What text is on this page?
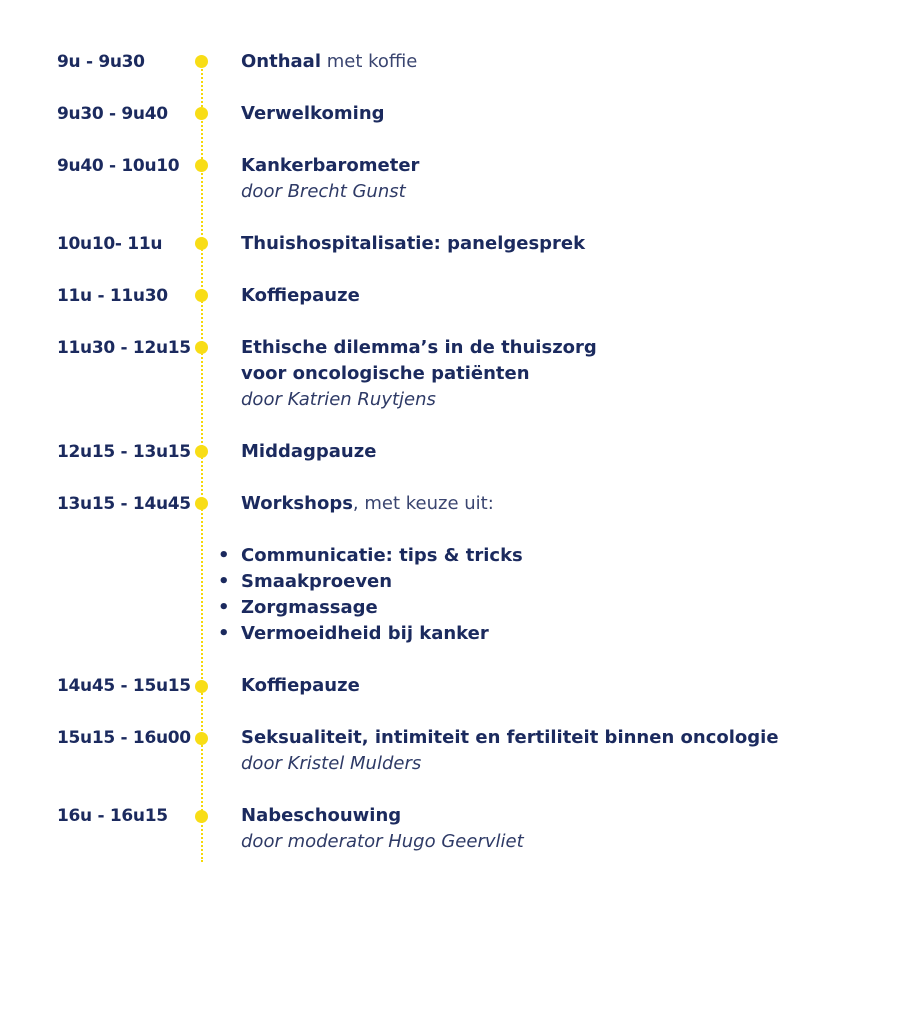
9u - 9u30	Onthaal met koffie
9u30 - 9u40	Verwelkoming
9u40 - 10u10	Kankerbarometer
door Brecht Gunst
10u10- 11u	Thuishospitalisatie: panelgesprek
11u - 11u30	Koffiepauze
11u30 - 12u15	Ethische dilemma’s in de thuiszorg
voor oncologische patiënten
door Katrien Ruytjens
12u15 - 13u15	Middagpauze
13u15 - 14u45	Workshops, met keuze uit:
• Communicatie: tips & tricks
• Smaakproeven
• Zorgmassage
• Vermoeidheid bij kanker
14u45 - 15u15	Koffiepauze
15u15 - 16u00	Seksualiteit, intimiteit en fertiliteit binnen oncologie
door Kristel Mulders
16u - 16u15	Nabeschouwing
door moderator Hugo Geervliet
